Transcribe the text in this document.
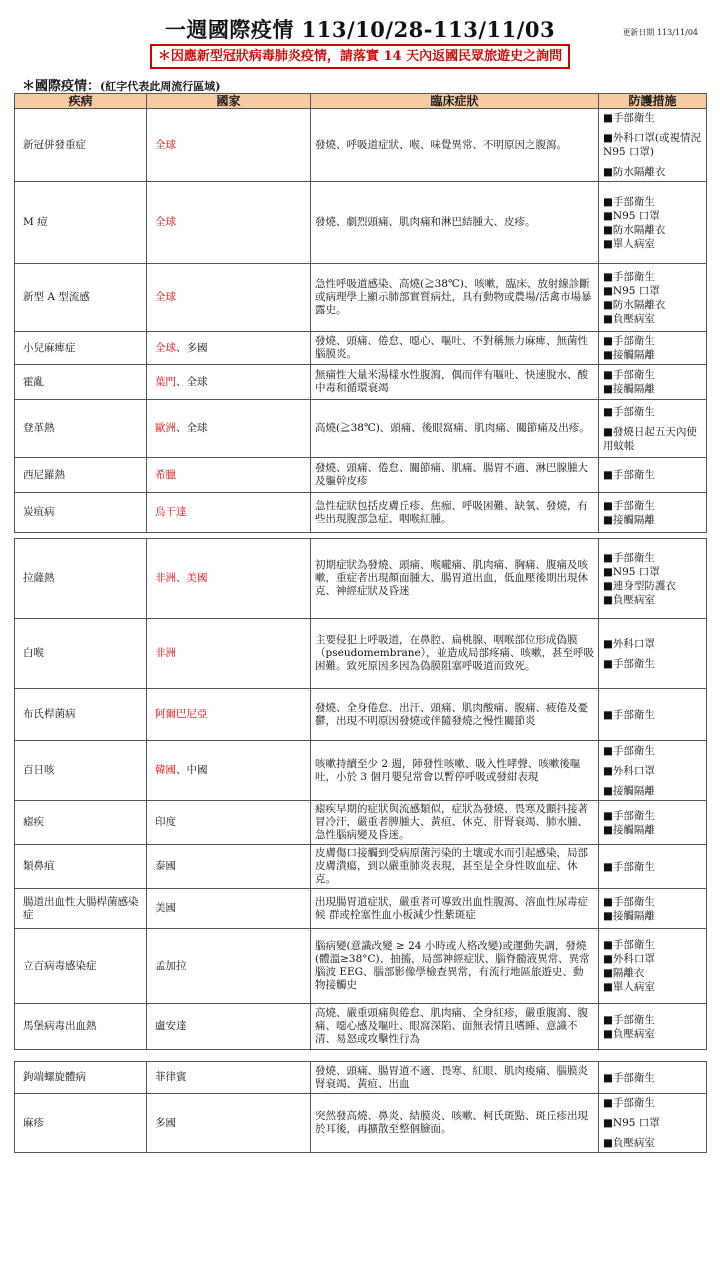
一週國際疫情 113/10/28-113/11/03	更新日期 113/11/04
＊因應新型冠狀病毒肺炎疫情，請落實 14 天內返國民眾旅遊史之詢問
＊國際疫情：(紅字代表此周流行區域)
疾病	國家	臨床症狀	防護措施
新冠併發重症	全球	發燒、呼吸道症狀、喉、味覺異常、不明原因之腹瀉。	■手部衛生
■外科口罩(或視情況 N95 口罩)
■防水隔離衣

M 痘	全球	發燒、劇烈頭痛、肌肉痛和淋巴結腫大、皮疹。	■手部衛生
■N95 口罩
■防水隔離衣
■單人病室

新型 A 型流感	全球	急性呼吸道感染、高燒(≧38℃)、咳嗽，臨床、放射線診斷或病理學上顯示肺部實質病灶，具有動物或農場/活禽市場暴露史。	■手部衛生
■N95 口罩
■防水隔離衣
■負壓病室

小兒麻痺症	全球、多國	發燒、頭痛、倦怠、噁心、嘔吐、不對稱無力麻痺、無菌性腦膜炎。	■手部衛生
■接觸隔離

霍亂	葉門、全球	無痛性大量米湯樣水性腹瀉，偶而伴有嘔吐、快速脫水、酸中毒和循環衰竭	■手部衛生
■接觸隔離

登革熱	歐洲、全球	高燒(≧38℃)、頭痛、後眼窩痛、肌肉痛、關節痛及出疹。	■手部衛生
■發燒日起五天內使用蚊帳

西尼羅熱	希臘	發燒、頭痛、倦怠、關節痛、肌痛、腸胃不適、淋巴腺腫大及軀幹皮疹	■手部衛生

炭疽病	烏干達	急性症狀包括皮膚丘疹、焦痂、呼吸困難、缺氧、發燒，有些出現腹部急症、咽喉紅腫。	■手部衛生
■接觸隔離
拉薩熱	非洲、美國	初期症狀為發燒、頭痛、喉嚨痛、肌肉痛、胸痛、腹痛及咳嗽，重症者出現顏面腫大、腸胃道出血，低血壓後期出現休克、神經症狀及昏迷	■手部衛生
■N95 口罩
■連身型防護衣
■負壓病室

白喉	非洲	主要侵犯上呼吸道，在鼻腔、扁桃腺、咽喉部位形成偽膜（pseudomembrane），並造成局部疼痛、咳嗽，甚至呼吸困難。致死原因多因為偽膜阻塞呼吸道而致死。	■外科口罩
■手部衛生

布氏桿菌病	阿爾巴尼亞	發燒、全身倦怠、出汗、頭痛、肌肉酸痛、腹痛、疲倦及憂鬱，出現不明原因發燒或伴隨發燒之慢性關節炎	■手部衛生

百日咳	韓國、中國	咳嗽持續至少 2 週，陣發性咳嗽、吸入性哮聲、咳嗽後嘔吐，小於 3 個月嬰兒常會以暫停呼吸或發紺表現	■手部衛生
■外科口罩
■接觸隔離

瘧疾	印度	瘧疾早期的症狀與流感類似，症狀為發燒、畏寒及顫抖接著冒冷汗，嚴重者脾腫大、黃疸、休克、肝腎衰竭、肺水腫、急性腦病變及昏迷。	■手部衛生
■接觸隔離

類鼻疽	泰國	皮膚傷口接觸到受病原菌污染的土壤或水而引起感染，局部皮膚潰瘍，到以嚴重肺炎表現，甚至是全身性敗血症、休克。	■手部衛生

腸道出血性大腸桿菌感染症	美國	出現腸胃道症狀，嚴重者可導致出血性腹瀉、溶血性尿毒症候 群或栓塞性血小板減少性紫斑症	■手部衛生
■接觸隔離

立百病毒感染症	孟加拉	腦病變(意識改變 ≥ 24 小時或人格改變)或運動失調，發燒(體溫≥38°C)、抽搐，局部神經症狀、腦脊髓液異常、異常腦波 EEG、腦部影像學檢查異常，有流行地區旅遊史、動物接觸史	■手部衛生
■外科口罩
■隔離衣
■單人病室

馬堡病毒出血熱	盧安達	高燒、嚴重頭痛與倦怠、肌肉痛、全身紅疹，嚴重腹瀉、腹痛、噁心感及嘔吐、眼窩深陷、面無表情且嗜睡、意識不清、易怒或攻擊性行為	■手部衛生
■負壓病室
鉤端螺旋體病	菲律賓	發燒、頭痛、腸胃道不適、畏寒、紅眼、肌肉痠痛、腦膜炎腎衰竭、黃疸、出血	■手部衛生

麻疹	多國	突然發高燒、鼻炎、結膜炎、咳嗽、柯氏斑點、斑丘疹出現於耳後，再擴散至整個臉面。	■手部衛生
■N95 口罩
■負壓病室
